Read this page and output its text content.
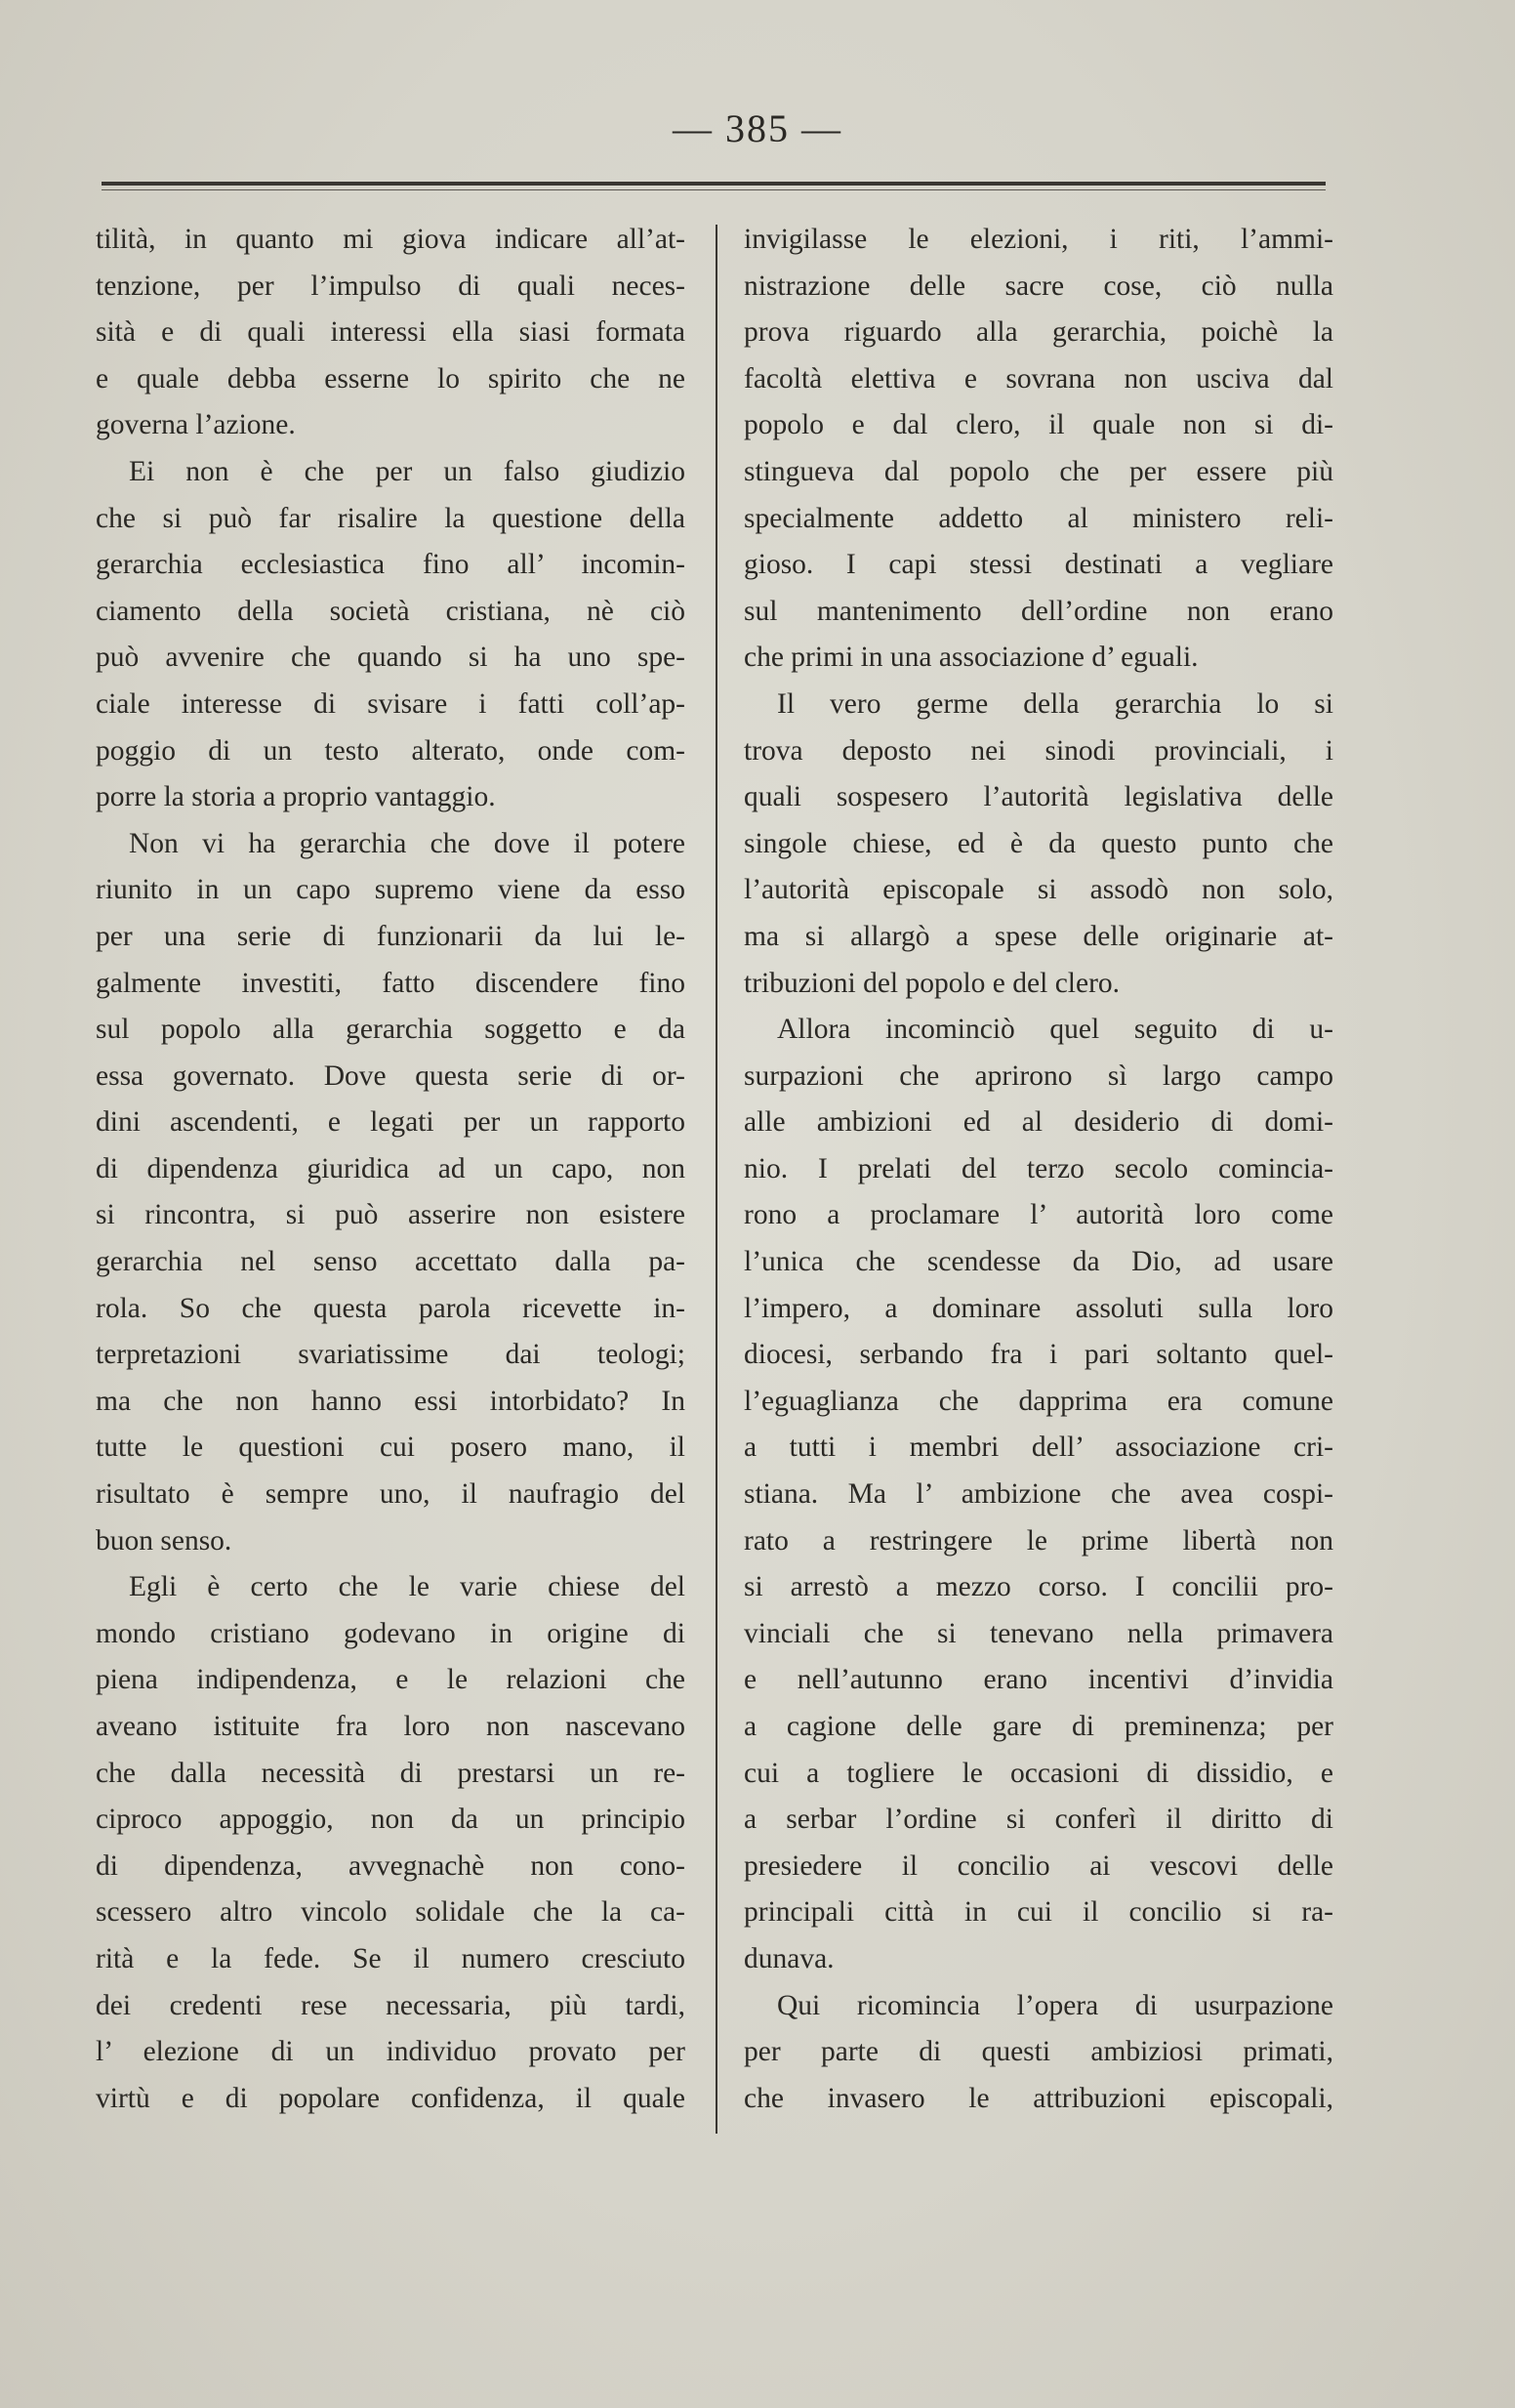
— 385 —
tilità, in quanto mi giova indicare all’at-
tenzione, per l’impulso di quali neces-
sità e di quali interessi ella siasi formata
e quale debba esserne lo spirito che ne
governa l’azione.
Ei non è che per un falso giudizio
che si può far risalire la questione della
gerarchia ecclesiastica fino all’ incomin-
ciamento della società cristiana, nè ciò
può avvenire che quando si ha uno spe-
ciale interesse di svisare i fatti coll’ap-
poggio di un testo alterato, onde com-
porre la storia a proprio vantaggio.
Non vi ha gerarchia che dove il potere
riunito in un capo supremo viene da esso
per una serie di funzionarii da lui le-
galmente investiti, fatto discendere fino
sul popolo alla gerarchia soggetto e da
essa governato. Dove questa serie di or-
dini ascendenti, e legati per un rapporto
di dipendenza giuridica ad un capo, non
si rincontra, si può asserire non esistere
gerarchia nel senso accettato dalla pa-
rola. So che questa parola ricevette in-
terpretazioni svariatissime dai teologi;
ma che non hanno essi intorbidato? In
tutte le questioni cui posero mano, il
risultato è sempre uno, il naufragio del
buon senso.
Egli è certo che le varie chiese del
mondo cristiano godevano in origine di
piena indipendenza, e le relazioni che
aveano istituite fra loro non nascevano
che dalla necessità di prestarsi un re-
ciproco appoggio, non da un principio
di dipendenza, avvegnachè non cono-
scessero altro vincolo solidale che la ca-
rità e la fede. Se il numero cresciuto
dei credenti rese necessaria, più tardi,
l’ elezione di un individuo provato per
virtù e di popolare confidenza, il quale
invigilasse le elezioni, i riti, l’ammi-
nistrazione delle sacre cose, ciò nulla
prova riguardo alla gerarchia, poichè la
facoltà elettiva e sovrana non usciva dal
popolo e dal clero, il quale non si di-
stingueva dal popolo che per essere più
specialmente addetto al ministero reli-
gioso. I capi stessi destinati a vegliare
sul mantenimento dell’ordine non erano
che primi in una associazione d’ eguali.
Il vero germe della gerarchia lo si
trova deposto nei sinodi provinciali, i
quali sospesero l’autorità legislativa delle
singole chiese, ed è da questo punto che
l’autorità episcopale si assodò non solo,
ma si allargò a spese delle originarie at-
tribuzioni del popolo e del clero.
Allora incominciò quel seguito di u-
surpazioni che aprirono sì largo campo
alle ambizioni ed al desiderio di domi-
nio. I prelati del terzo secolo comincia-
rono a proclamare l’ autorità loro come
l’unica che scendesse da Dio, ad usare
l’impero, a dominare assoluti sulla loro
diocesi, serbando fra i pari soltanto quel-
l’eguaglianza che dapprima era comune
a tutti i membri dell’ associazione cri-
stiana. Ma l’ ambizione che avea cospi-
rato a restringere le prime libertà non
si arrestò a mezzo corso. I concilii pro-
vinciali che si tenevano nella primavera
e nell’autunno erano incentivi d’invidia
a cagione delle gare di preminenza; per
cui a togliere le occasioni di dissidio, e
a serbar l’ordine si conferì il diritto di
presiedere il concilio ai vescovi delle
principali città in cui il concilio si ra-
dunava.
Qui ricomincia l’opera di usurpazione
per parte di questi ambiziosi primati,
che invasero le attribuzioni episcopali,
